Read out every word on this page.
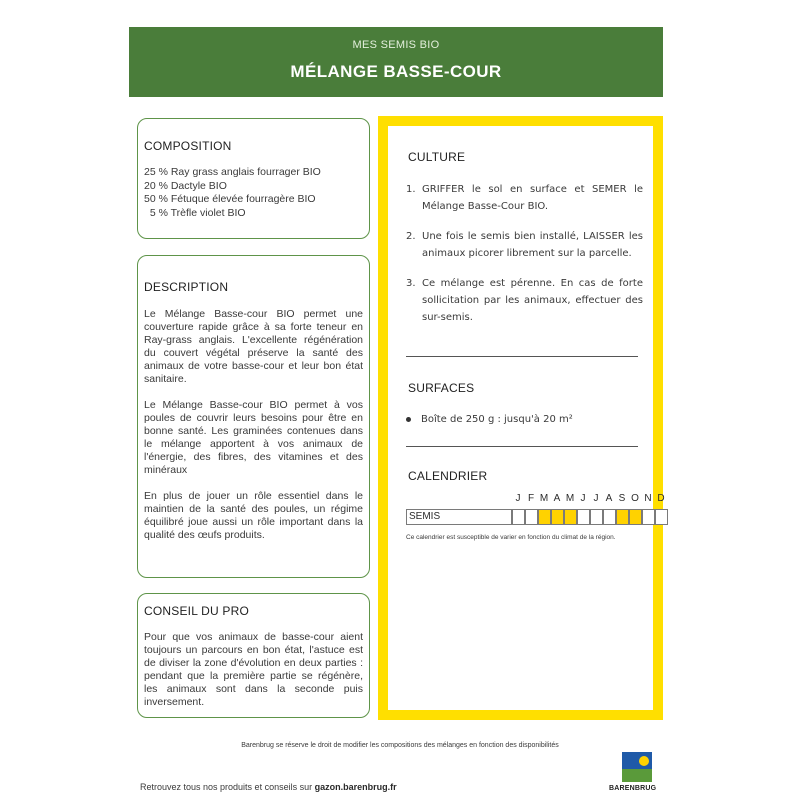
MES SEMIS BIO
MÉLANGE BASSE-COUR
COMPOSITION
25 % Ray grass anglais fourrager BIO
20 % Dactyle BIO
50 % Fétuque élevée fourragère BIO
5 % Trèfle violet BIO
DESCRIPTION

Le Mélange Basse-cour BIO permet une couverture rapide grâce à sa forte teneur en Ray-grass anglais. L'excellente régénération du couvert végétal préserve la santé des animaux de votre basse-cour et leur bon état sanitaire.

Le Mélange Basse-cour BIO permet à vos poules de couvrir leurs besoins pour être en bonne santé. Les graminées contenues dans le mélange apportent à vos animaux de l'énergie, des fibres, des vitamines et des minéraux

En plus de jouer un rôle essentiel dans le maintien de la santé des poules, un régime équilibré joue aussi un rôle important dans la qualité des œufs produits.

CONSEIL DU PRO

Pour que vos animaux de basse-cour aient toujours un parcours en bon état, l'astuce est de diviser la zone d'évolution en deux parties : pendant que la première partie se régénère, les animaux sont dans la seconde puis inversement.

CULTURE
1. GRIFFER le sol en surface et SEMER le Mélange Basse-Cour BIO.
2. Une fois le semis bien installé, LAISSER les animaux picorer librement sur la parcelle.
3. Ce mélange est pérenne. En cas de forte sollicitation par les animaux, effectuer des sur-semis.
SURFACES
Boîte de 250 g : jusqu'à 20 m²
CALENDRIER
J F M A M J J A S O N D
SEMIS
Ce calendrier est susceptible de varier en fonction du climat de la région.
Barenbrug se réserve le droit de modifier les compositions des mélanges en fonction des disponibilités
Retrouvez tous nos produits et conseils sur gazon.barenbrug.fr	BARENBRUG
